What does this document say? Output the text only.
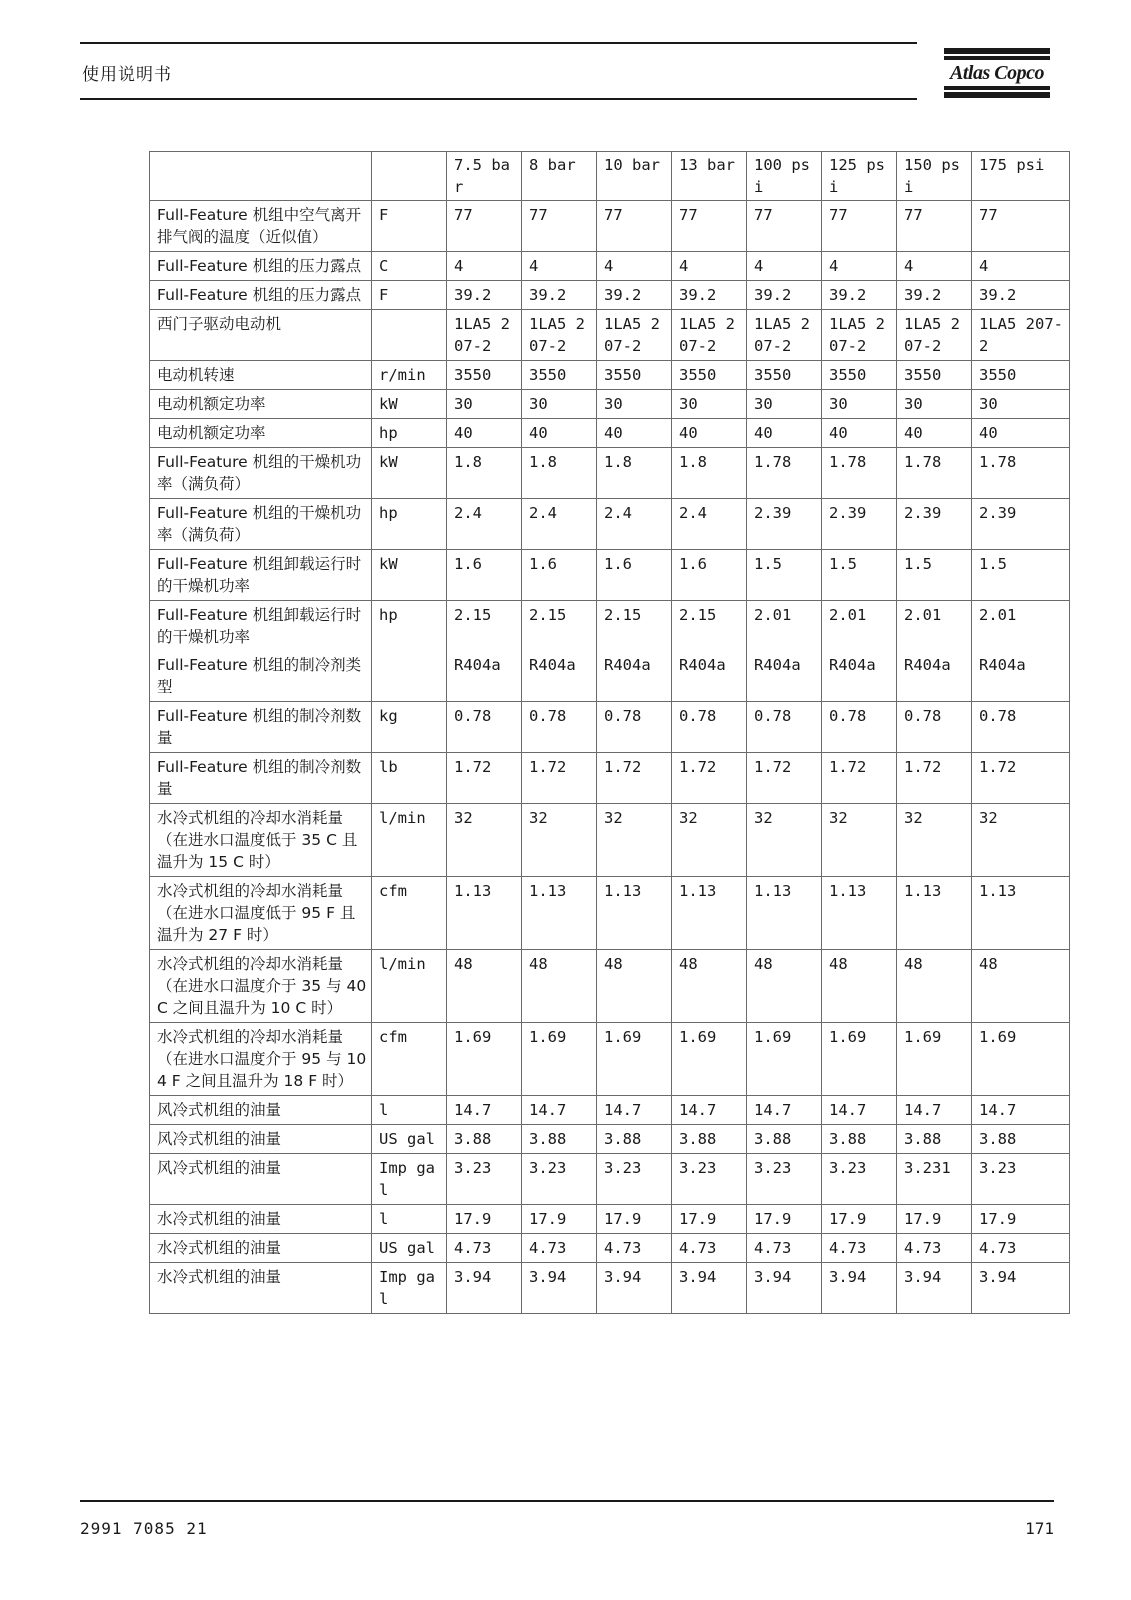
使用说明书	Atlas Copco
		7.5 bar	8 bar	10 bar	13 bar	100 psi	125 psi	150 psi	175 psi
Full-Feature 机组中空气离开排气阀的温度（近似值）	F	77	77	77	77	77	77	77	77
Full-Feature 机组的压力露点	C	4	4	4	4	4	4	4	4
Full-Feature 机组的压力露点	F	39.2	39.2	39.2	39.2	39.2	39.2	39.2	39.2
西门子驱动电动机		1LA5 207-2	1LA5 207-2	1LA5 207-2	1LA5 207-2	1LA5 207-2	1LA5 207-2	1LA5 207-2	1LA5 207-2
电动机转速	r/min	3550	3550	3550	3550	3550	3550	3550	3550
电动机额定功率	kW	30	30	30	30	30	30	30	30
电动机额定功率	hp	40	40	40	40	40	40	40	40
Full-Feature 机组的干燥机功率（满负荷）	kW	1.8	1.8	1.8	1.8	1.78	1.78	1.78	1.78
Full-Feature 机组的干燥机功率（满负荷）	hp	2.4	2.4	2.4	2.4	2.39	2.39	2.39	2.39
Full-Feature 机组卸载运行时的干燥机功率	kW	1.6	1.6	1.6	1.6	1.5	1.5	1.5	1.5
Full-Feature 机组卸载运行时的干燥机功率	hp	2.15	2.15	2.15	2.15	2.01	2.01	2.01	2.01
Full-Feature 机组的制冷剂类型		R404a	R404a	R404a	R404a	R404a	R404a	R404a	R404a
Full-Feature 机组的制冷剂数量	kg	0.78	0.78	0.78	0.78	0.78	0.78	0.78	0.78
Full-Feature 机组的制冷剂数量	lb	1.72	1.72	1.72	1.72	1.72	1.72	1.72	1.72
水冷式机组的冷却水消耗量（在进水口温度低于 35 C 且温升为 15 C 时）	l/min	32	32	32	32	32	32	32	32
水冷式机组的冷却水消耗量（在进水口温度低于 95 F 且温升为 27 F 时）	cfm	1.13	1.13	1.13	1.13	1.13	1.13	1.13	1.13
水冷式机组的冷却水消耗量（在进水口温度介于 35 与 40 C 之间且温升为 10 C 时）	l/min	48	48	48	48	48	48	48	48
水冷式机组的冷却水消耗量（在进水口温度介于 95 与 104 F 之间且温升为 18 F 时）	cfm	1.69	1.69	1.69	1.69	1.69	1.69	1.69	1.69
风冷式机组的油量	l	14.7	14.7	14.7	14.7	14.7	14.7	14.7	14.7
风冷式机组的油量	US gal	3.88	3.88	3.88	3.88	3.88	3.88	3.88	3.88
风冷式机组的油量	Imp gal	3.23	3.23	3.23	3.23	3.23	3.23	3.231	3.23
水冷式机组的油量	l	17.9	17.9	17.9	17.9	17.9	17.9	17.9	17.9
水冷式机组的油量	US gal	4.73	4.73	4.73	4.73	4.73	4.73	4.73	4.73
水冷式机组的油量	Imp gal	3.94	3.94	3.94	3.94	3.94	3.94	3.94	3.94
2991 7085 21	171
